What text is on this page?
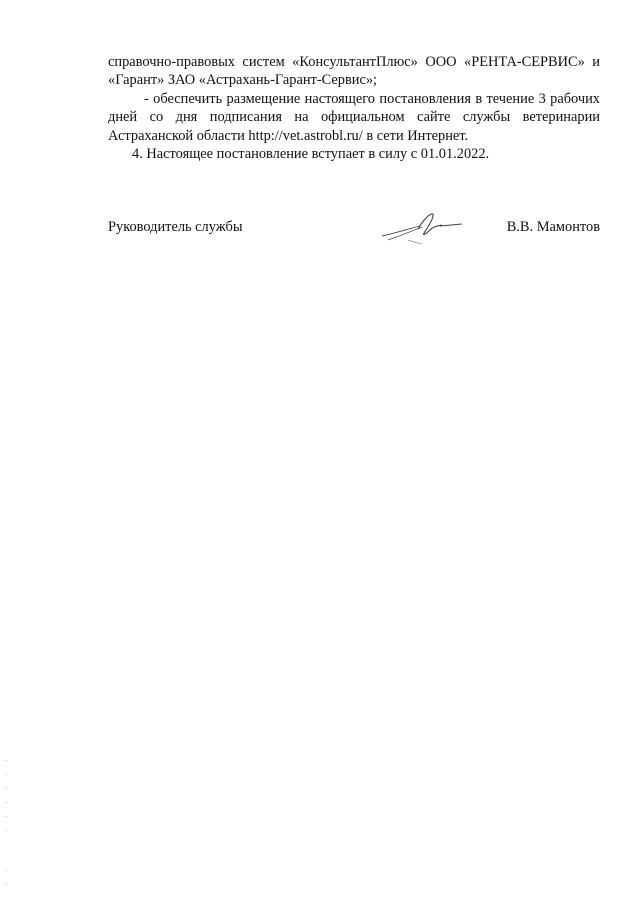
справочно-правовых систем «КонсультантПлюс» ООО «РЕНТА-СЕРВИС» и «Гарант» ЗАО «Астрахань-Гарант-Сервис»;

- обеспечить размещение настоящего постановления в течение 3 рабочих дней со дня подписания на официальном сайте службы ветеринарии Астраханской области http://vet.astrobl.ru/ в сети Интернет.

4. Настоящее постановление вступает в силу с 01.01.2022.

Руководитель службы	В.В. Мамонтов
